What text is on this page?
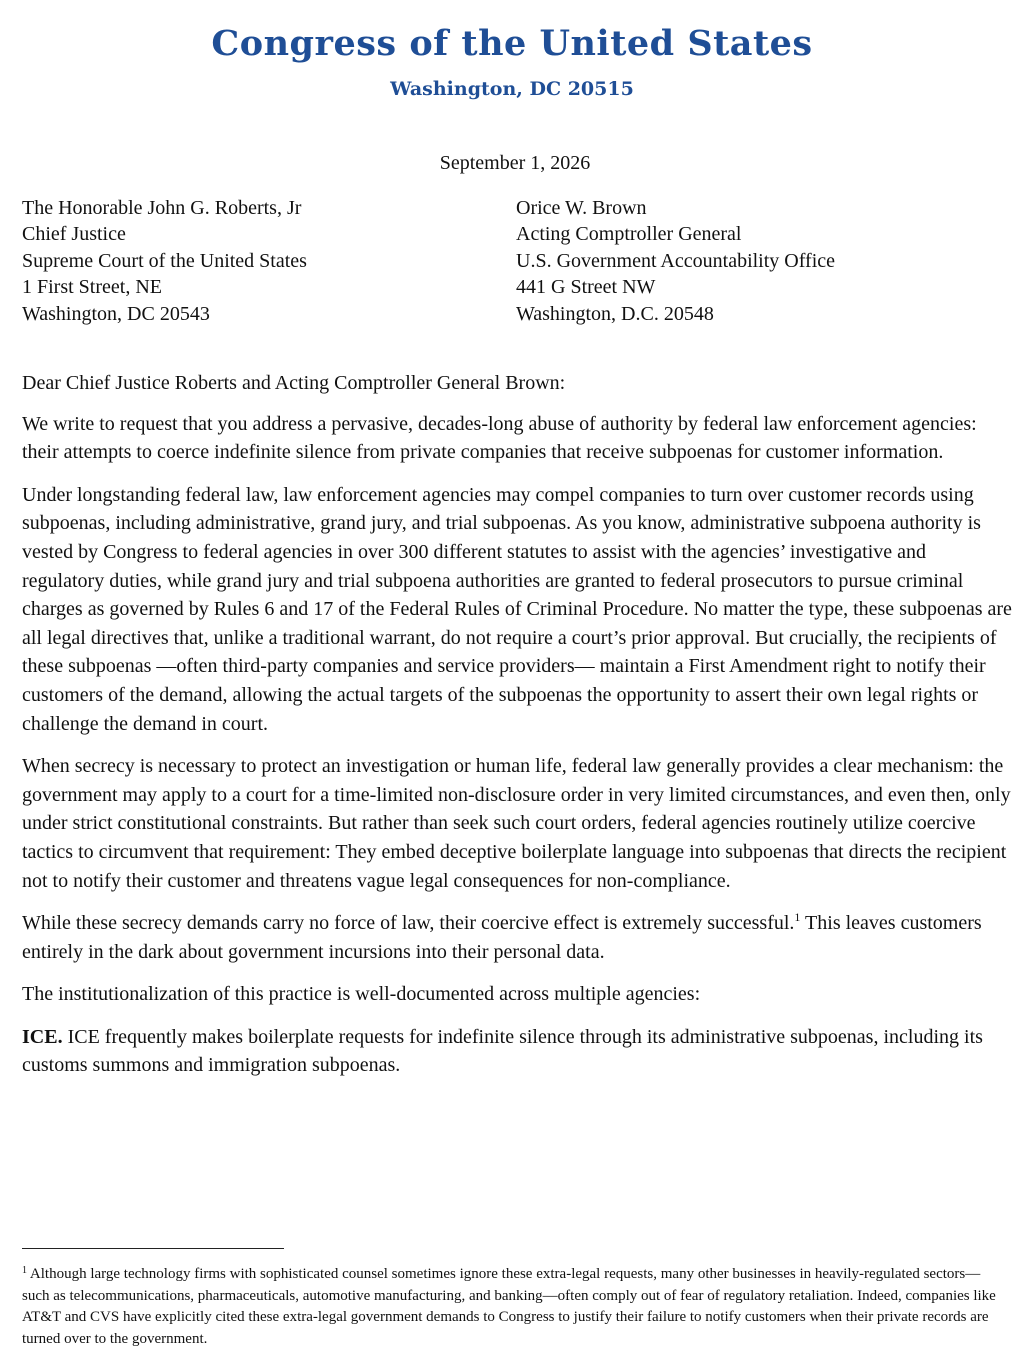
Congress of the United States
Washington, DC 20515
September 1, 2026
The Honorable John G. Roberts, Jr
Chief Justice
Supreme Court of the United States
1 First Street, NE
Washington, DC 20543
Orice W. Brown
Acting Comptroller General
U.S. Government Accountability Office
441 G Street NW
Washington, D.C. 20548

Dear Chief Justice Roberts and Acting Comptroller General Brown:

We write to request that you address a pervasive, decades-long abuse of authority by federal law enforcement agencies: their attempts to coerce indefinite silence from private companies that receive subpoenas for customer information.

Under longstanding federal law, law enforcement agencies may compel companies to turn over customer records using subpoenas, including administrative, grand jury, and trial subpoenas. As you know, administrative subpoena authority is vested by Congress to federal agencies in over 300 different statutes to assist with the agencies’ investigative and regulatory duties, while grand jury and trial subpoena authorities are granted to federal prosecutors to pursue criminal charges as governed by Rules 6 and 17 of the Federal Rules of Criminal Procedure. No matter the type, these subpoenas are all legal directives that, unlike a traditional warrant, do not require a court’s prior approval. But crucially, the recipients of these subpoenas —often third-party companies and service providers— maintain a First Amendment right to notify their customers of the demand, allowing the actual targets of the subpoenas the opportunity to assert their own legal rights or challenge the demand in court.

When secrecy is necessary to protect an investigation or human life, federal law generally provides a clear mechanism: the government may apply to a court for a time-limited non-disclosure order in very limited circumstances, and even then, only under strict constitutional constraints. But rather than seek such court orders, federal agencies routinely utilize coercive tactics to circumvent that requirement: They embed deceptive boilerplate language into subpoenas that directs the recipient not to notify their customer and threatens vague legal consequences for non-compliance.

While these secrecy demands carry no force of law, their coercive effect is extremely successful.$^1$ This leaves customers entirely in the dark about government incursions into their personal data.

The institutionalization of this practice is well-documented across multiple agencies:

ICE. ICE frequently makes boilerplate requests for indefinite silence through its administrative subpoenas, including its customs summons and immigration subpoenas.

$^1$ Although large technology firms with sophisticated counsel sometimes ignore these extra-legal requests, many other businesses in heavily-regulated sectors—such as telecommunications, pharmaceuticals, automotive manufacturing, and banking—often comply out of fear of regulatory retaliation. Indeed, companies like AT&T and CVS have explicitly cited these extra-legal government demands to Congress to justify their failure to notify customers when their private records are turned over to the government.
